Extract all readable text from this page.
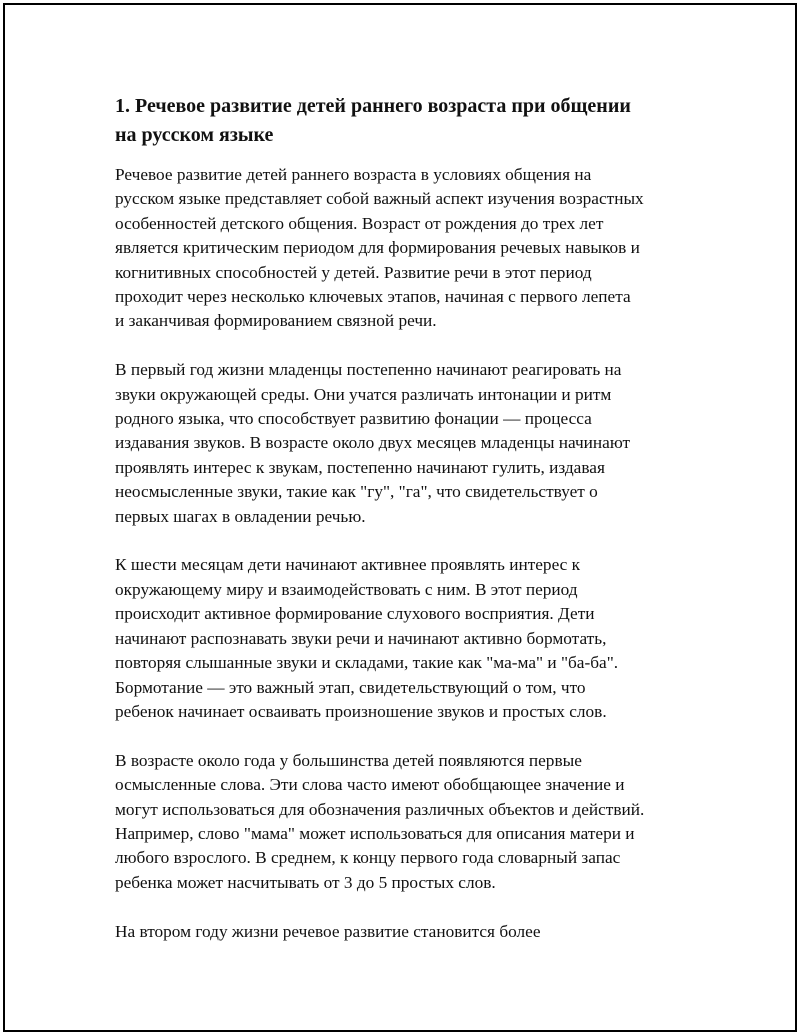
1. Речевое развитие детей раннего возраста при общении
на русском языке

Речевое развитие детей раннего возраста в условиях общения на
русском языке представляет собой важный аспект изучения возрастных
особенностей детского общения. Возраст от рождения до трех лет
является критическим периодом для формирования речевых навыков и
когнитивных способностей у детей. Развитие речи в этот период
проходит через несколько ключевых этапов, начиная с первого лепета
и заканчивая формированием связной речи.

В первый год жизни младенцы постепенно начинают реагировать на
звуки окружающей среды. Они учатся различать интонации и ритм
родного языка, что способствует развитию фонации — процесса
издавания звуков. В возрасте около двух месяцев младенцы начинают
проявлять интерес к звукам, постепенно начинают гулить, издавая
неосмысленные звуки, такие как "гу", "га", что свидетельствует о
первых шагах в овладении речью.

К шести месяцам дети начинают активнее проявлять интерес к
окружающему миру и взаимодействовать с ним. В этот период
происходит активное формирование слухового восприятия. Дети
начинают распознавать звуки речи и начинают активно бормотать,
повторяя слышанные звуки и складами, такие как "ма-ма" и "ба-ба".
Бормотание — это важный этап, свидетельствующий о том, что
ребенок начинает осваивать произношение звуков и простых слов.

В возрасте около года у большинства детей появляются первые
осмысленные слова. Эти слова часто имеют обобщающее значение и
могут использоваться для обозначения различных объектов и действий.
Например, слово "мама" может использоваться для описания матери и
любого взрослого. В среднем, к концу первого года словарный запас
ребенка может насчитывать от 3 до 5 простых слов.

На втором году жизни речевое развитие становится более
